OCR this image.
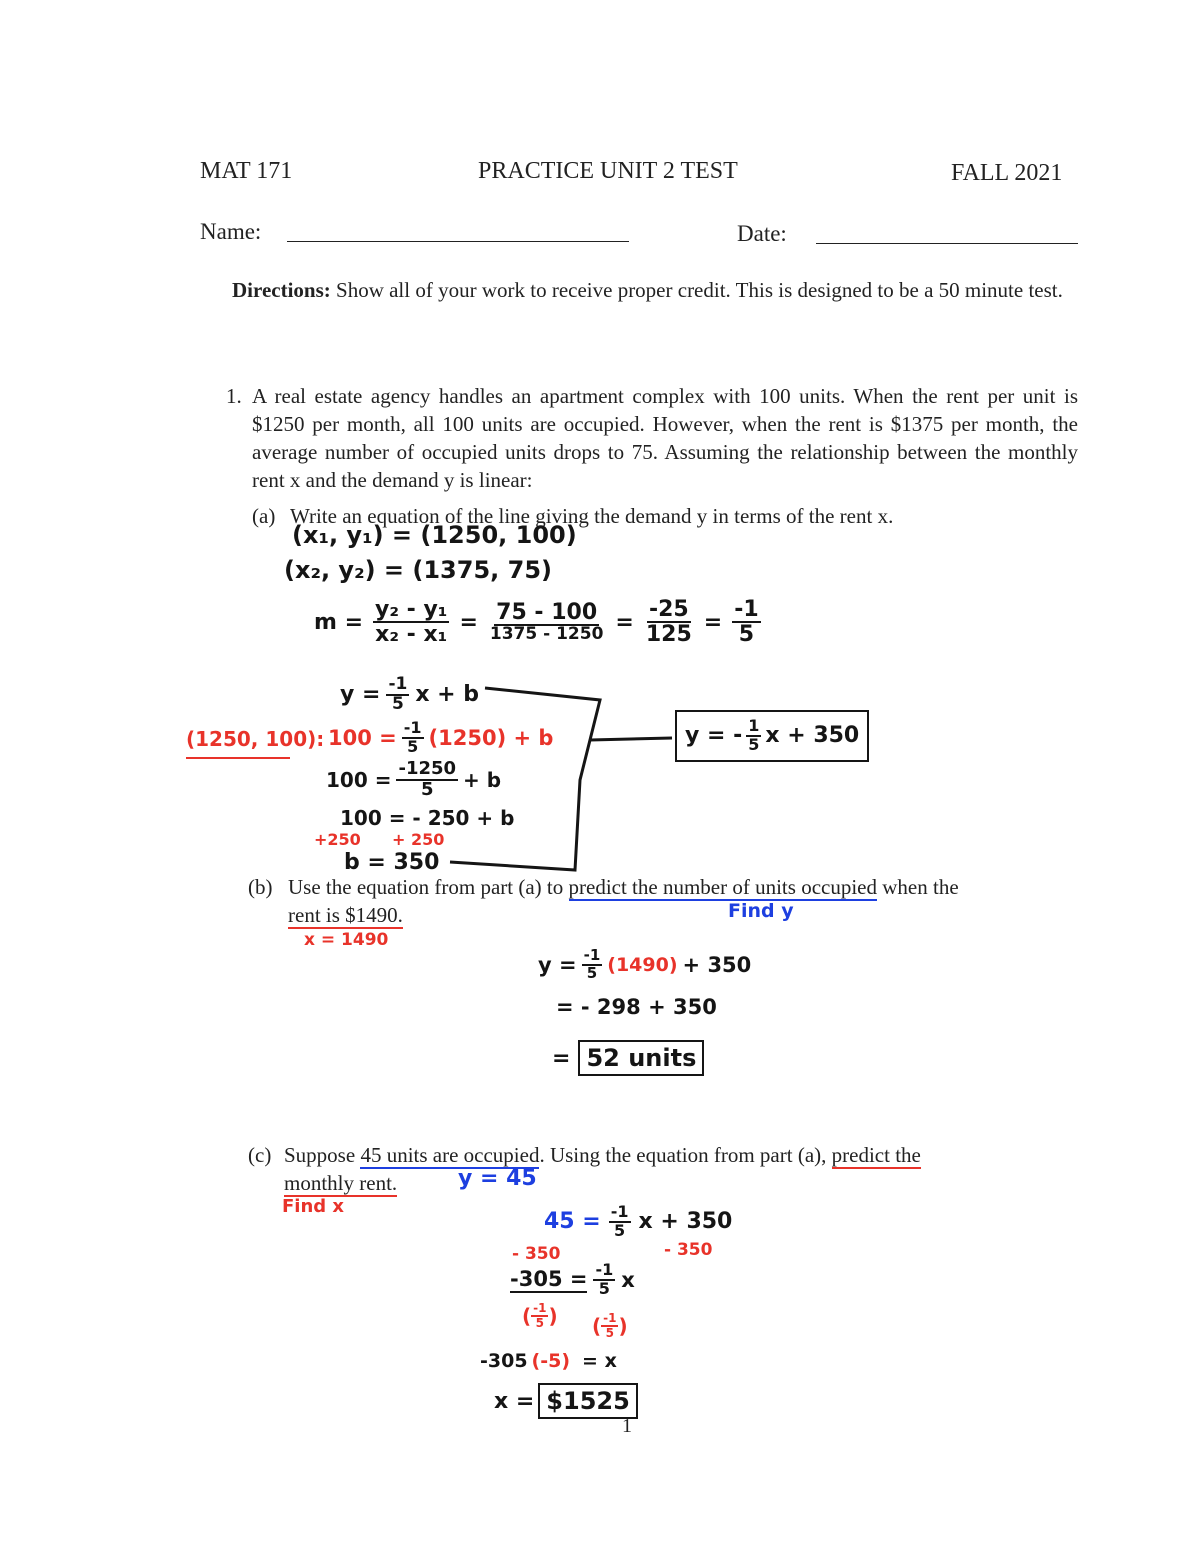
MAT 171	PRACTICE UNIT 2 TEST	FALL 2021
Name:	Date:
Directions: Show all of your work to receive proper credit. This is designed to be a 50 minute test.
1. A real estate agency handles an apartment complex with 100 units. When the rent per unit is $1250 per month, all 100 units are occupied. However, when the rent is $1375 per month, the average number of occupied units drops to 75. Assuming the relationship between the monthly rent x and the demand y is linear:
(a) Write an equation of the line giving the demand y in terms of the rent x.
(x₁, y₁) = (1250, 100)
(x₂, y₂) = (1375, 75)
$m = \frac{\text{y₂ - y₁}}{\text{x₂ - x₁}} = \frac{75 - 100}{1375 - 1250} = \frac{-25}{125} = \frac{-1}{5}$
$y = \frac{-1}{5}$ x + b
(1250, 100): $100 = \frac{-1}{5} (1250) + b$
$100 = \frac{-1250}{5} + b$
100 = - 250 + b
+250 + 250
b = 350
y = - $\frac{1}{5}$ x + 350
(b) Use the equation from part (a) to predict the number of units occupied when the
rent is $1490.	Find y
x = 1490
$y = \frac{-1}{5} (1490) + 350$
= - 298 + 350
= 52 units
(c) Suppose 45 units are occupied. Using the equation from part (a), predict the
monthly rent.	y = 45
Find x
$45 = \frac{-1}{5}$ x + 350
- 350	- 350
$-305 = \frac{-1}{5}$ x
( $\frac{-1}{5}$ ) ( $\frac{-1}{5}$ )
-305 (-5) = x
x = $1525
1
